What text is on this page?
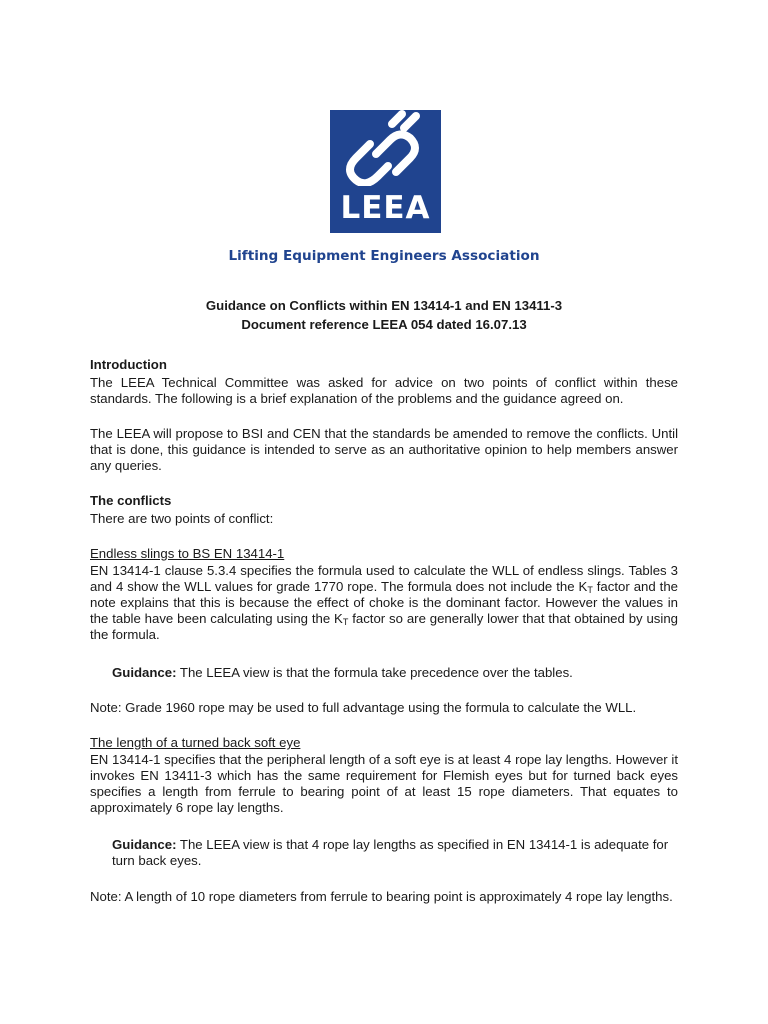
LEEA
Lifting Equipment Engineers Association
Guidance on Conflicts within EN 13414-1 and EN 13411-3
Document reference LEEA 054 dated 16.07.13

Introduction

The LEEA Technical Committee was asked for advice on two points of conflict within these standards. The following is a brief explanation of the problems and the guidance agreed on.

The LEEA will propose to BSI and CEN that the standards be amended to remove the conflicts. Until that is done, this guidance is intended to serve as an authoritative opinion to help members answer any queries.

The conflicts

There are two points of conflict:

Endless slings to BS EN 13414-1

EN 13414-1 clause 5.3.4 specifies the formula used to calculate the WLL of endless slings. Tables 3 and 4 show the WLL values for grade 1770 rope. The formula does not include the $K_T$ factor and the note explains that this is because the effect of choke is the dominant factor. However the values in the table have been calculating using the $K_T$ factor so are generally lower that that obtained by using the formula.

Guidance: The LEEA view is that the formula take precedence over the tables.

Note: Grade 1960 rope may be used to full advantage using the formula to calculate the WLL.

The length of a turned back soft eye

EN 13414-1 specifies that the peripheral length of a soft eye is at least 4 rope lay lengths. However it invokes EN 13411-3 which has the same requirement for Flemish eyes but for turned back eyes specifies a length from ferrule to bearing point of at least 15 rope diameters. That equates to approximately 6 rope lay lengths.

Guidance: The LEEA view is that 4 rope lay lengths as specified in EN 13414-1 is adequate for turn back eyes.

Note: A length of 10 rope diameters from ferrule to bearing point is approximately 4 rope lay lengths.
